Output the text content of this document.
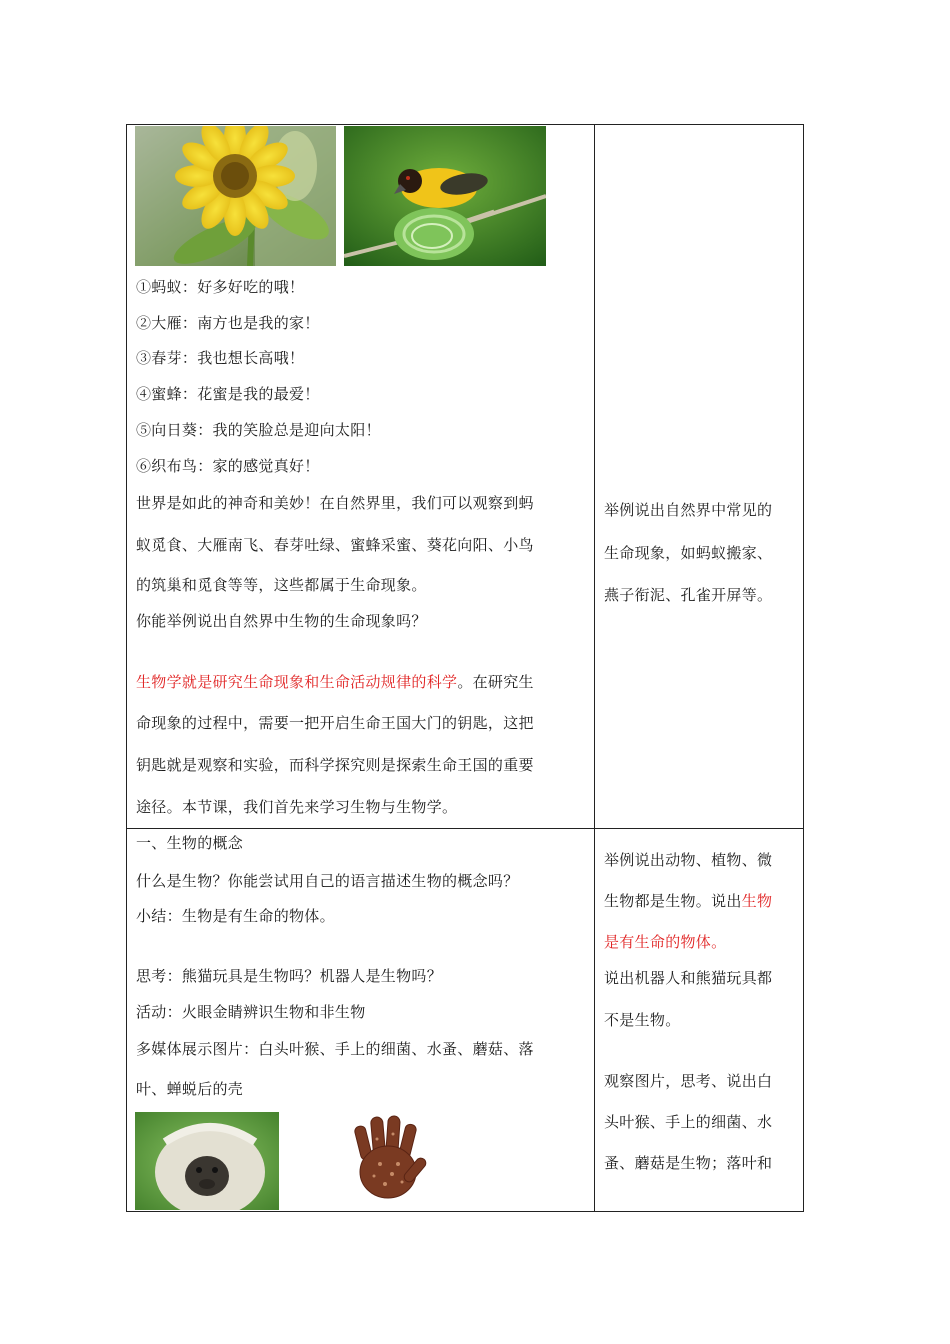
①蚂蚁：好多好吃的哦！
②大雁：南方也是我的家！
③春芽：我也想长高哦！
④蜜蜂：花蜜是我的最爱！
⑤向日葵：我的笑脸总是迎向太阳！
⑥织布鸟：家的感觉真好！
世界是如此的神奇和美妙！在自然界里，我们可以观察到蚂
蚁觅食、大雁南飞、春芽吐绿、蜜蜂采蜜、葵花向阳、小鸟
的筑巢和觅食等等，这些都属于生命现象。
你能举例说出自然界中生物的生命现象吗？
生物学就是研究生命现象和生命活动规律的科学。在研究生
命现象的过程中，需要一把开启生命王国大门的钥匙，这把
钥匙就是观察和实验，而科学探究则是探索生命王国的重要
途径。本节课，我们首先来学习生物与生物学。
举例说出自然界中常见的
生命现象，如蚂蚁搬家、
燕子衔泥、孔雀开屏等。
一、生物的概念
什么是生物？你能尝试用自己的语言描述生物的概念吗？
小结：生物是有生命的物体。
思考：熊猫玩具是生物吗？机器人是生物吗？
活动：火眼金睛辨识生物和非生物
多媒体展示图片：白头叶猴、手上的细菌、水蚤、蘑菇、落
叶、蝉蜕后的壳
举例说出动物、植物、微
生物都是生物。说出生物
是有生命的物体。
说出机器人和熊猫玩具都
不是生物。
观察图片，思考、说出白
头叶猴、手上的细菌、水
蚤、蘑菇是生物；落叶和
